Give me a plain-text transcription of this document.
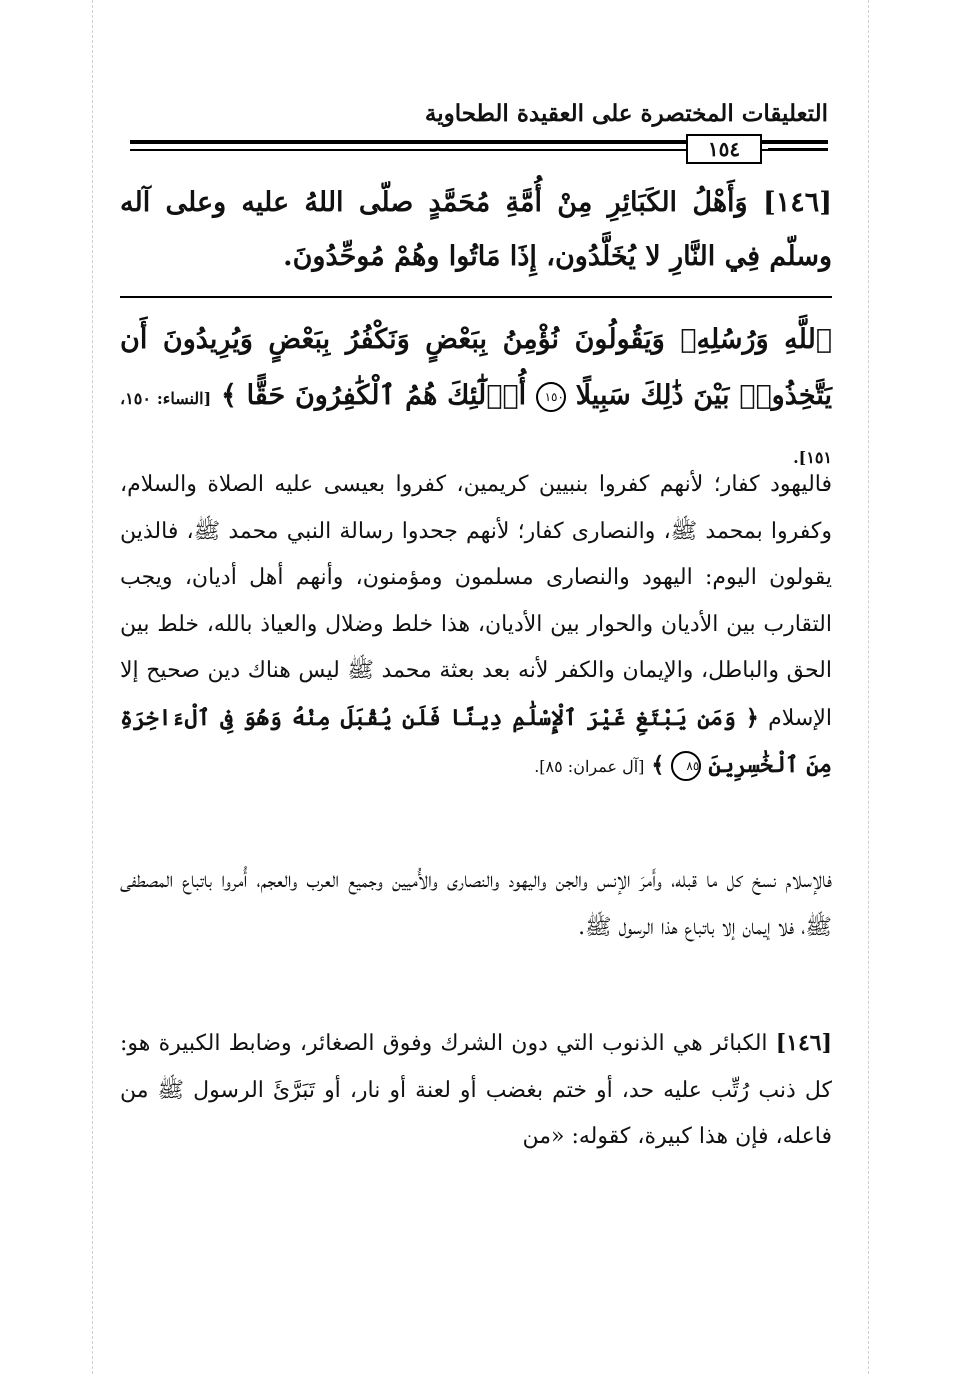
التعليقات المختصرة على العقيدة الطحاوية
١٥٤
[١٤٦] وَأَهْلُ الكَبَائِرِ مِنْ أُمَّةِ مُحَمَّدٍ صلّى اللهُ عليه وعلى آله وسلّم فِي النَّارِ لا يُخَلَّدُون، إِذَا مَاتُوا وهُمْ مُوحِّدُونَ.
ٱللَّهِ وَرُسُلِهِۦ وَيَقُولُونَ نُؤْمِنُ بِبَعْضٍ وَنَكْفُرُ بِبَعْضٍ وَيُرِيدُونَ أَن يَتَّخِذُوا۟ بَيْنَ ذَٰلِكَ سَبِيلًا ١٥٠ أُو۟لَٰٓئِكَ هُمُ ٱلْكَٰفِرُونَ حَقًّا ﴾ [النساء: ١٥٠، ١٥١].
فاليهود كفار؛ لأنهم كفروا بنبيين كريمين، كفروا بعيسى عليه الصلاة والسلام، وكفروا بمحمد ﷺ، والنصارى كفار؛ لأنهم جحدوا رسالة النبي محمد ﷺ، فالذين يقولون اليوم: اليهود والنصارى مسلمون ومؤمنون، وأنهم أهل أديان، ويجب التقارب بين الأديان والحوار بين الأديان، هذا خلط وضلال والعياذ بالله، خلط بين الحق والباطل، والإيمان والكفر لأنه بعد بعثة محمد ﷺ ليس هناك دين صحيح إلا الإسلام ﴿ وَمَن يَبْتَغِ غَيْرَ ٱلْإِسْلَٰمِ دِينًا فَلَن يُقْبَلَ مِنْهُ وَهُوَ فِى ٱلْءَاخِرَةِ مِنَ ٱلْخَٰسِرِينَ ٨٥ ﴾ [آل عمران: ٨٥].
فالإسلام نسخ كل ما قبله، وأَمرَ الإنس والجن واليهود والنصارى والأُميين وجميع العرب والعجم، أُمروا باتباع المصطفى ﷺ، فلا إيمان إلا باتباع هذا الرسول ﷺ.
[١٤٦] الكبائر هي الذنوب التي دون الشرك وفوق الصغائر، وضابط الكبيرة هو: كل ذنب رُتِّب عليه حد، أو ختم بغضب أو لعنة أو نار، أو تَبَرَّئَ الرسول ﷺ من فاعله، فإن هذا كبيرة، كقوله: «من
